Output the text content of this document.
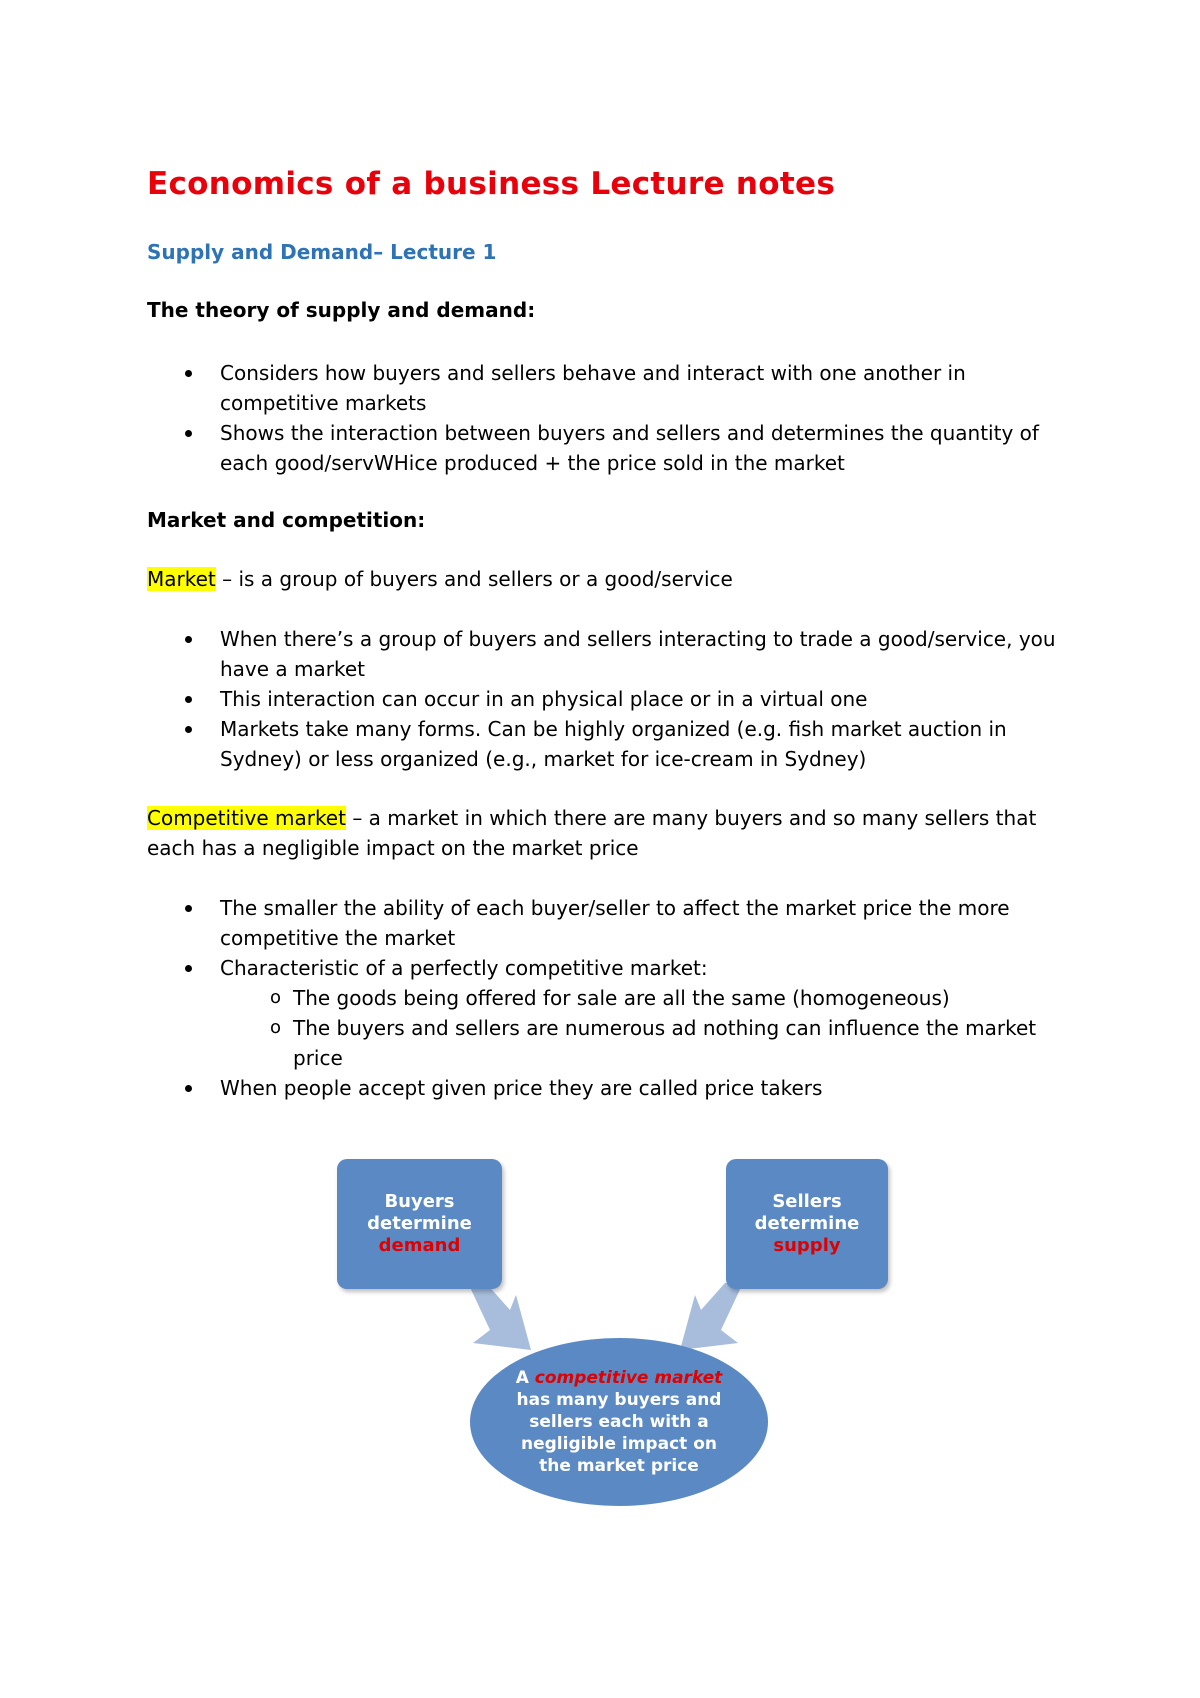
Economics of a business Lecture notes
Supply and Demand– Lecture 1

The theory of supply and demand:

Considers how buyers and sellers behave and interact with one another in
competitive markets
Shows the interaction between buyers and sellers and determines the quantity of
each good/servWHice produced + the price sold in the market

Market and competition:

Market – is a group of buyers and sellers or a good/service

When there’s a group of buyers and sellers interacting to trade a good/service, you
have a market
This interaction can occur in an physical place or in a virtual one
Markets take many forms. Can be highly organized (e.g. fish market auction in
Sydney) or less organized (e.g., market for ice-cream in Sydney)

Competitive market – a market in which there are many buyers and so many sellers that
each has a negligible impact on the market price

The smaller the ability of each buyer/seller to affect the market price the more
competitive the market
Characteristic of a perfectly competitive market:
o The goods being offered for sale are all the same (homogeneous)
o The buyers and sellers are numerous ad nothing can influence the market
price
When people accept given price they are called price takers
Buyers
determine
demand
Sellers
determine
supply
A competitive market
has many buyers and
sellers each with a
negligible impact on
the market price
